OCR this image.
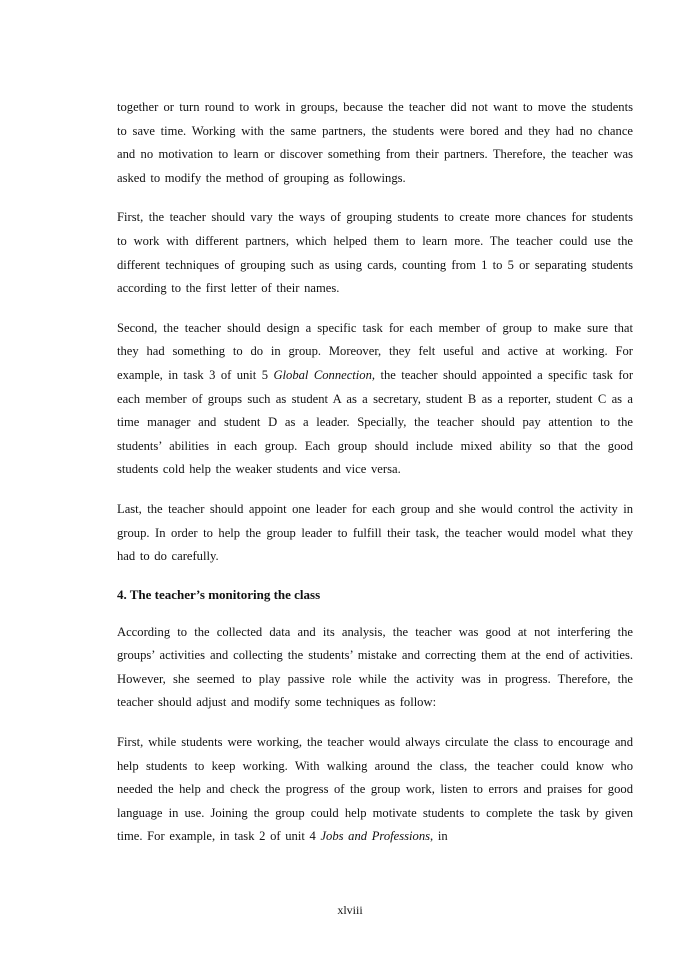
together or turn round to work in groups, because the teacher did not want to move the students to save time. Working with the same partners, the students were bored and they had no chance and no motivation to learn or discover something from their partners. Therefore, the teacher was asked to modify the method of grouping as followings.

First, the teacher should vary the ways of grouping students to create more chances for students to work with different partners, which helped them to learn more. The teacher could use the different techniques of grouping such as using cards, counting from 1 to 5 or separating students according to the first letter of their names.

Second, the teacher should design a specific task for each member of group to make sure that they had something to do in group. Moreover, they felt useful and active at working. For example, in task 3 of unit 5 Global Connection, the teacher should appointed a specific task for each member of groups such as student A as a secretary, student B as a reporter, student C as a time manager and student D as a leader. Specially, the teacher should pay attention to the students’ abilities in each group. Each group should include mixed ability so that the good students cold help the weaker students and vice versa.

Last, the teacher should appoint one leader for each group and she would control the activity in group. In order to help the group leader to fulfill their task, the teacher would model what they had to do carefully.

4. The teacher’s monitoring the class

According to the collected data and its analysis, the teacher was good at not interfering the groups’ activities and collecting the students’ mistake and correcting them at the end of activities. However, she seemed to play passive role while the activity was in progress. Therefore, the teacher should adjust and modify some techniques as follow:

First, while students were working, the teacher would always circulate the class to encourage and help students to keep working. With walking around the class, the teacher could know who needed the help and check the progress of the group work, listen to errors and praises for good language in use. Joining the group could help motivate students to complete the task by given time. For example, in task 2 of unit 4 Jobs and Professions, in

xlviii
